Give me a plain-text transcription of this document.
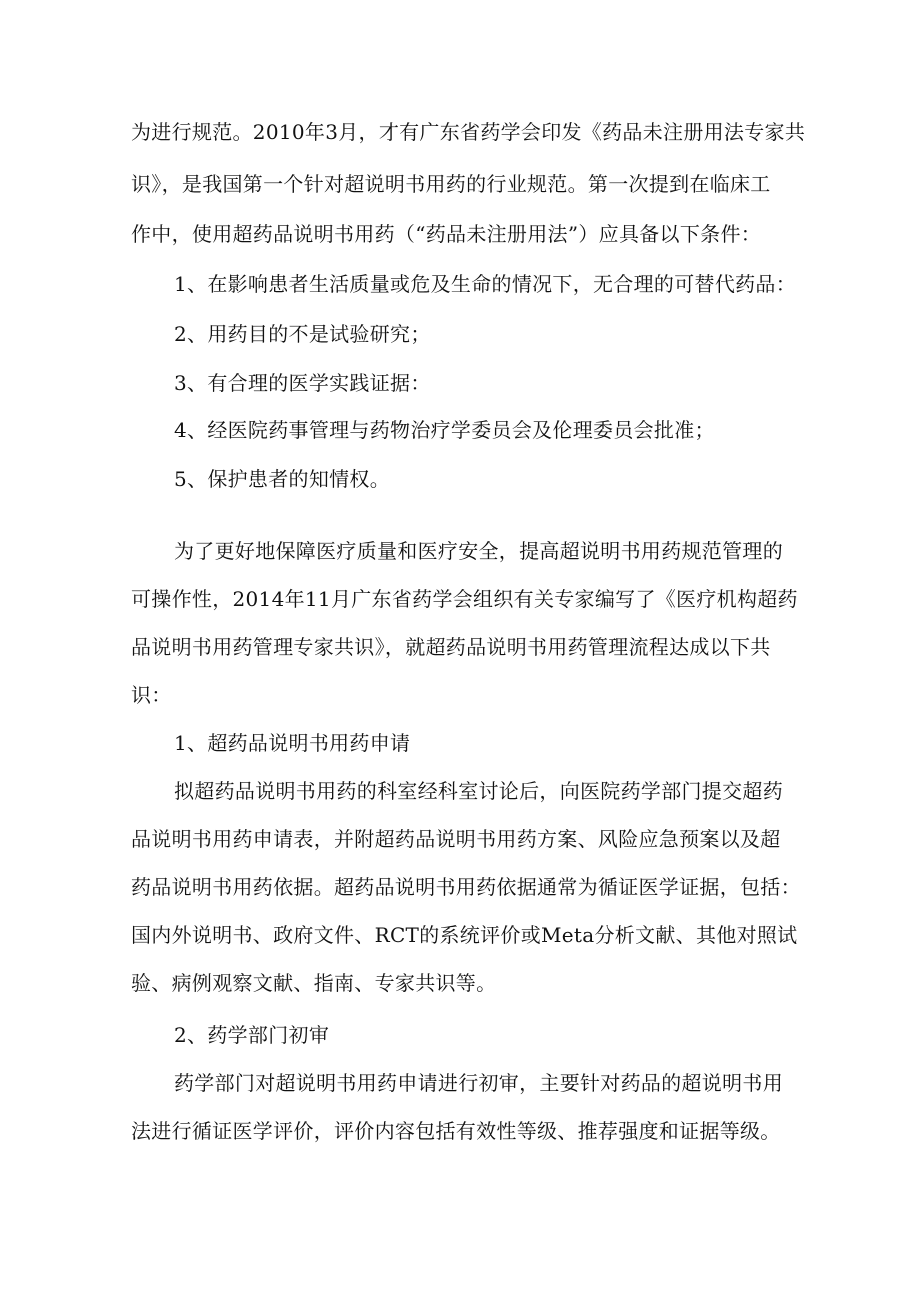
为进行规范。2010年3月，才有广东省药学会印发《药品未注册用法专家共
识》，是我国第一个针对超说明书用药的行业规范。第一次提到在临床工
作中，使用超药品说明书用药（“药品未注册用法”）应具备以下条件：
1、在影响患者生活质量或危及生命的情况下，无合理的可替代药品：
2、用药目的不是试验研究；
3、有合理的医学实践证据：
4、经医院药事管理与药物治疗学委员会及伦理委员会批准；
5、保护患者的知情权。
为了更好地保障医疗质量和医疗安全，提高超说明书用药规范管理的
可操作性，2014年11月广东省药学会组织有关专家编写了《医疗机构超药
品说明书用药管理专家共识》，就超药品说明书用药管理流程达成以下共
识：
1、超药品说明书用药申请
拟超药品说明书用药的科室经科室讨论后，向医院药学部门提交超药
品说明书用药申请表，并附超药品说明书用药方案、风险应急预案以及超
药品说明书用药依据。超药品说明书用药依据通常为循证医学证据，包括：
国内外说明书、政府文件、RCT的系统评价或Meta分析文献、其他对照试
验、病例观察文献、指南、专家共识等。
2、药学部门初审
药学部门对超说明书用药申请进行初审，主要针对药品的超说明书用
法进行循证医学评价，评价内容包括有效性等级、推荐强度和证据等级。
